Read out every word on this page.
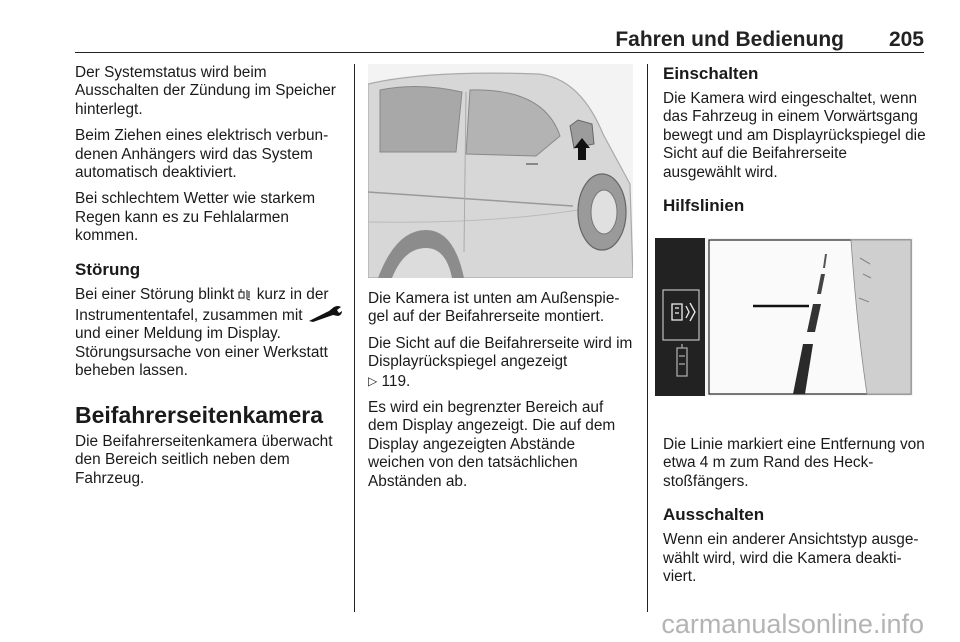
Fahren und Bedienung 205

Der Systemstatus wird beim Ausschalten der Zündung im Speicher hinterlegt.

Beim Ziehen eines elektrisch verbundenen Anhängers wird das System automatisch deaktiviert.

Bei schlechtem Wetter wie starkem Regen kann es zu Fehlalarmen kommen.

Störung

Bei einer Störung blinkt kurz in der Instrumententafel, zusammen mit  und einer Meldung im Display. Störungsursache von einer Werkstatt beheben lassen.

Beifahrerseitenkamera

Die Beifahrerseitenkamera überwacht den Bereich seitlich neben dem Fahrzeug.

Die Kamera ist unten am Außenspiegel auf der Beifahrerseite montiert.

Die Sicht auf die Beifahrerseite wird im Displayrückspiegel angezeigt
▷ 119.

Es wird ein begrenzter Bereich auf dem Display angezeigt. Die auf dem Display angezeigten Abstände weichen von den tatsächlichen Abständen ab.

Einschalten

Die Kamera wird eingeschaltet, wenn das Fahrzeug in einem Vorwärtsgang bewegt und am Displayrückspiegel die Sicht auf die Beifahrerseite ausgewählt wird.

Hilfslinien

Die Linie markiert eine Entfernung von etwa 4 m zum Rand des Heckstoßfängers.

Ausschalten

Wenn ein anderer Ansichtstyp ausgewählt wird, wird die Kamera deaktiviert.

carmanualsonline.info
